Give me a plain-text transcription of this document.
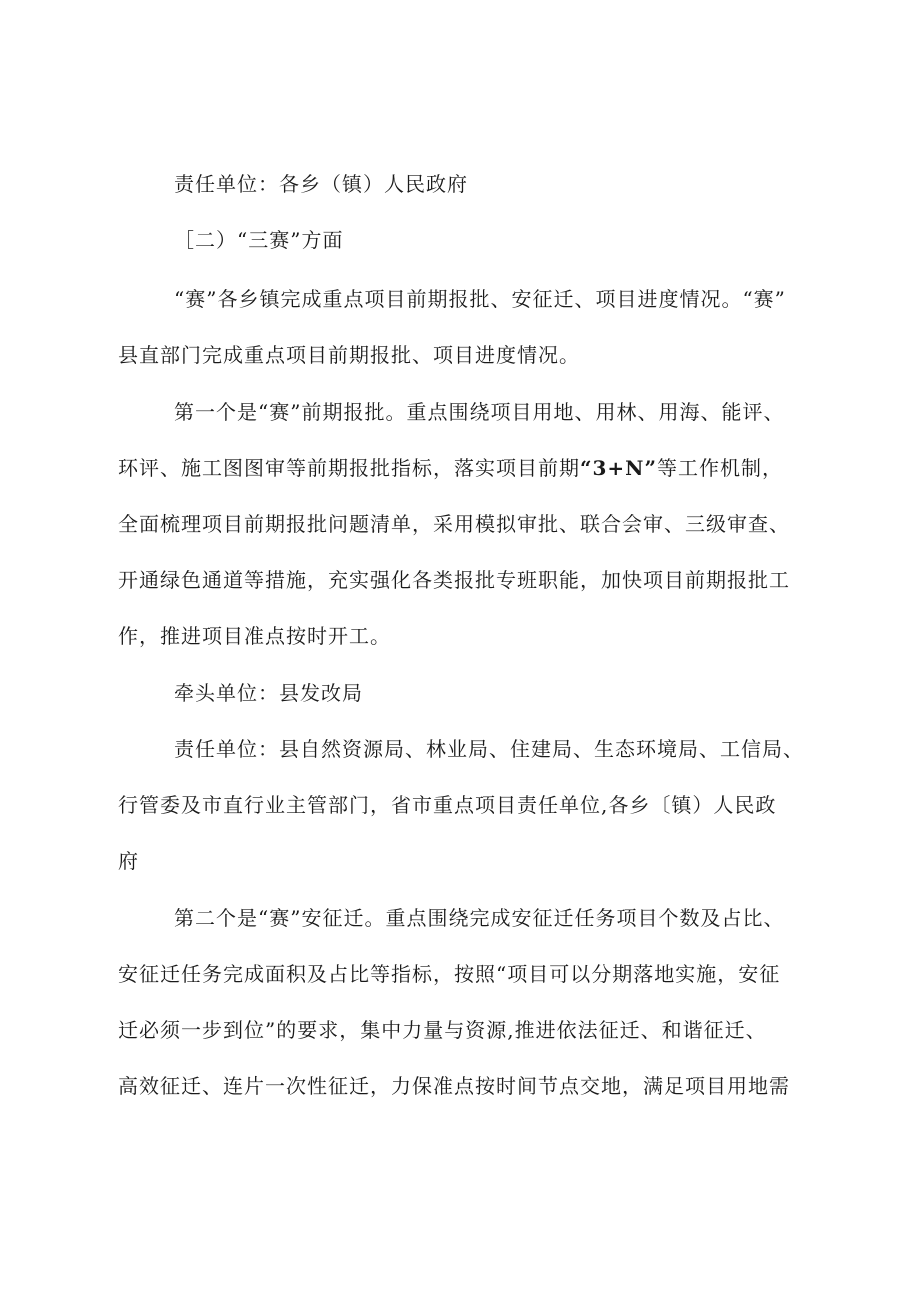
责任单位：各乡（镇）人民政府
［二）“三赛”方面
“赛”各乡镇完成重点项目前期报批、安征迁、项目进度情况。“赛”
县直部门完成重点项目前期报批、项目进度情况。
第一个是“赛”前期报批。重点围绕项目用地、用林、用海、能评、
环评、施工图图审等前期报批指标，落实项目前期“3+N”等工作机制，
全面梳理项目前期报批问题清单，采用模拟审批、联合会审、三级审查、
开通绿色通道等措施，充实强化各类报批专班职能，加快项目前期报批工
作，推进项目准点按时开工。
牵头单位：县发改局
责任单位：县自然资源局、林业局、住建局、生态环境局、工信局、
行管委及市直行业主管部门，省市重点项目责任单位,各乡〔镇）人民政
府
第二个是“赛”安征迁。重点围绕完成安征迁任务项目个数及占比、
安征迁任务完成面积及占比等指标，按照“项目可以分期落地实施，安征
迁必须一步到位”的要求，集中力量与资源,推进依法征迁、和谐征迁、
高效征迁、连片一次性征迁，力保准点按时间节点交地，满足项目用地需
